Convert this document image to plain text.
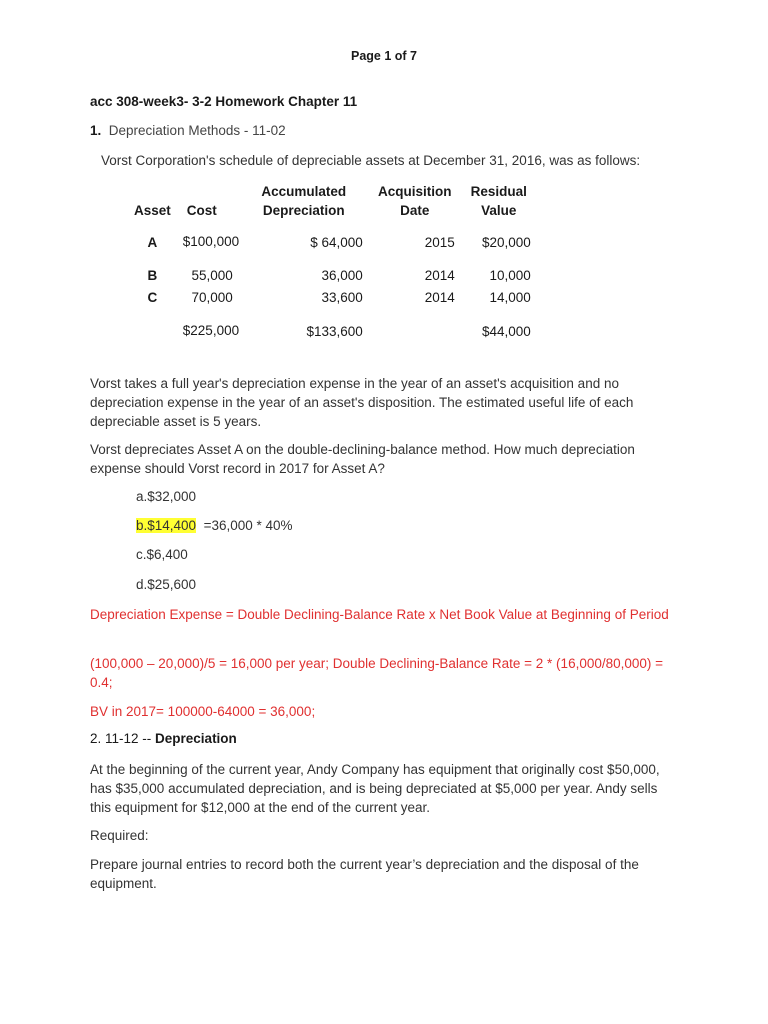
Page 1 of 7
acc 308-week3- 3-2 Homework Chapter 11
1. Depreciation Methods - 11-02
Vorst Corporation's schedule of depreciable assets at December 31, 2016, was as follows:
Asset	Cost	Accumulated Depreciation	Acquisition Date	Residual Value
A	$100,000	$ 64,000	2015	$20,000
B	55,000	36,000	2014	10,000
C	70,000	33,600	2014	14,000
	$225,000	$133,600		$44,000
Vorst takes a full year's depreciation expense in the year of an asset's acquisition and no depreciation expense in the year of an asset's disposition. The estimated useful life of each depreciable asset is 5 years.
Vorst depreciates Asset A on the double-declining-balance method. How much depreciation expense should Vorst record in 2017 for Asset A?
a.$32,000
b.$14,400 =36,000 * 40%
c.$6,400
d.$25,600
Depreciation Expense = Double Declining-Balance Rate x Net Book Value at Beginning of Period
(100,000 – 20,000)/5 = 16,000 per year; Double Declining-Balance Rate = 2 * (16,000/80,000) = 0.4;
BV in 2017= 100000-64000 = 36,000;
2. 11-12 -- Depreciation
At the beginning of the current year, Andy Company has equipment that originally cost $50,000, has $35,000 accumulated depreciation, and is being depreciated at $5,000 per year. Andy sells this equipment for $12,000 at the end of the current year.
Required:
Prepare journal entries to record both the current year’s depreciation and the disposal of the equipment.
